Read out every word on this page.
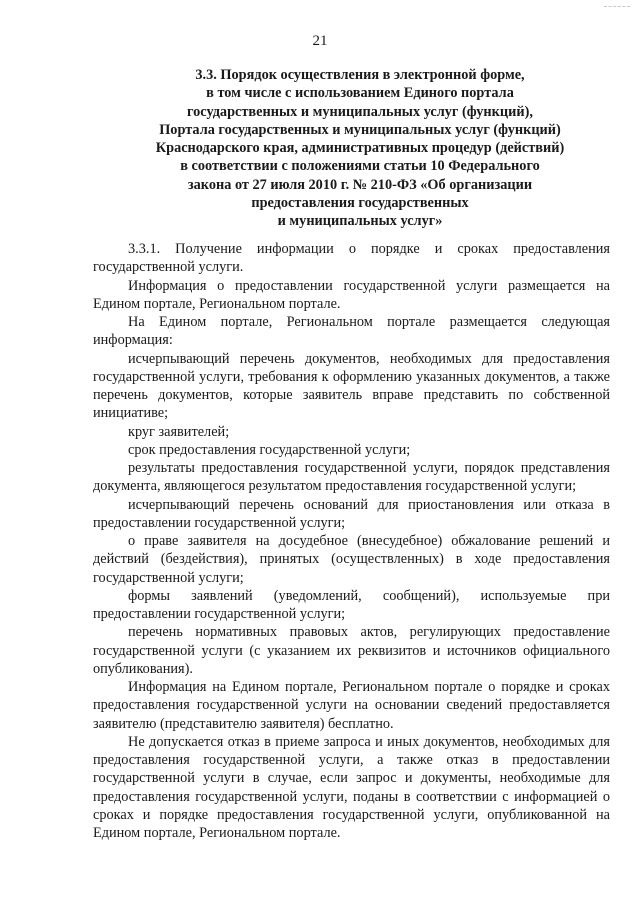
21
3.3. Порядок осуществления в электронной форме,
в том числе с использованием Единого портала
государственных и муниципальных услуг (функций),
Портала государственных и муниципальных услуг (функций)
Краснодарского края, административных процедур (действий)
в соответствии с положениями статьи 10 Федерального
закона от 27 июля 2010 г. № 210-ФЗ «Об организации
предоставления государственных
и муниципальных услуг»

3.3.1. Получение информации о порядке и сроках предоставления государственной услуги.

Информация о предоставлении государственной услуги размещается на Едином портале, Региональном портале.

На Едином портале, Региональном портале размещается следующая информация:

исчерпывающий перечень документов, необходимых для предоставления государственной услуги, требования к оформлению указанных документов, а также перечень документов, которые заявитель вправе представить по собственной инициативе;

круг заявителей;

срок предоставления государственной услуги;

результаты предоставления государственной услуги, порядок представления документа, являющегося результатом предоставления государственной услуги;

исчерпывающий перечень оснований для приостановления или отказа в предоставлении государственной услуги;

о праве заявителя на досудебное (внесудебное) обжалование решений и действий (бездействия), принятых (осуществленных) в ходе предоставления государственной услуги;

формы заявлений (уведомлений, сообщений), используемые при предоставлении государственной услуги;

перечень нормативных правовых актов, регулирующих предоставление государственной услуги (с указанием их реквизитов и источников официального опубликования).

Информация на Едином портале, Региональном портале о порядке и сроках предоставления государственной услуги на основании сведений предоставляется заявителю (представителю заявителя) бесплатно.

Не допускается отказ в приеме запроса и иных документов, необходимых для предоставления государственной услуги, а также отказ в предоставлении государственной услуги в случае, если запрос и документы, необходимые для предоставления государственной услуги, поданы в соответствии с информацией о сроках и порядке предоставления государственной услуги, опубликованной на Едином портале, Региональном портале.
